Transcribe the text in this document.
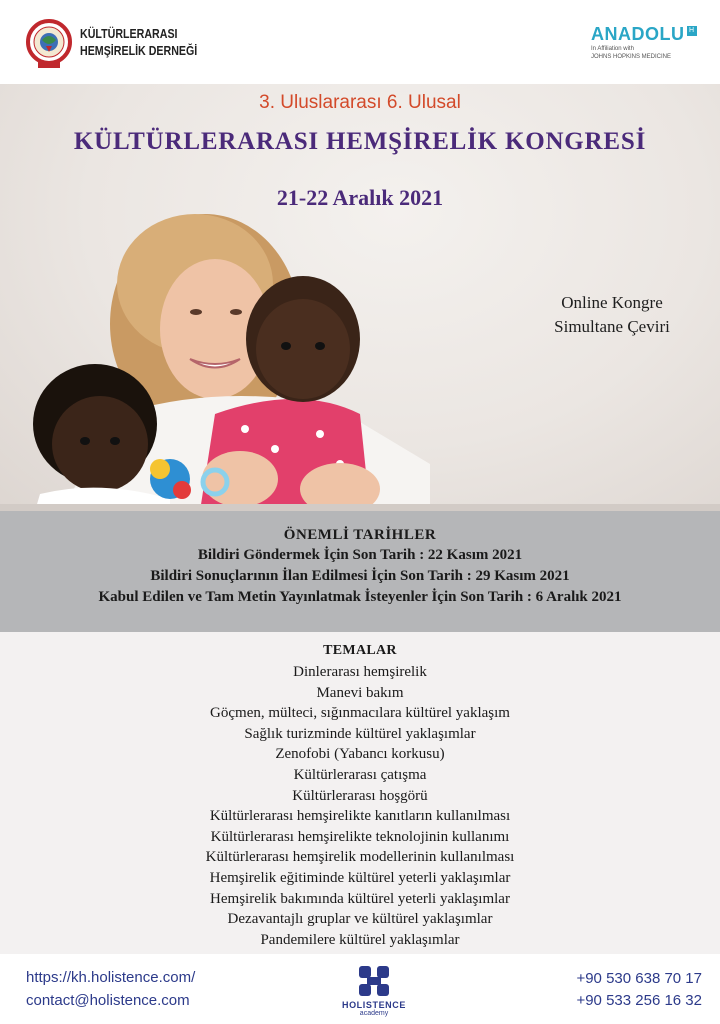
KÜLTÜRLERARASI
HEMŞİRELİK DERNEĞİ
ANADOLU H
In Affiliation with
JOHNS HOPKINS MEDICINE
3. Uluslararası 6. Ulusal
KÜLTÜRLERARASI HEMŞİRELİK KONGRESİ
21-22 Aralık 2021
Online Kongre
Simultane Çeviri
ÖNEMLİ TARİHLER
Bildiri Göndermek İçin Son Tarih : 22 Kasım 2021
Bildiri Sonuçlarının İlan Edilmesi İçin Son Tarih : 29 Kasım 2021
Kabul Edilen ve Tam Metin Yayınlatmak İsteyenler İçin Son Tarih : 6 Aralık 2021
TEMALAR
Dinlerarası hemşirelik
Manevi bakım
Göçmen, mülteci, sığınmacılara kültürel yaklaşım
Sağlık turizminde kültürel yaklaşımlar
Zenofobi (Yabancı korkusu)
Kültürlerarası çatışma
Kültürlerarası hoşgörü
Kültürlerarası hemşirelikte kanıtların kullanılması
Kültürlerarası hemşirelikte teknolojinin kullanımı
Kültürlerarası hemşirelik modellerinin kullanılması
Hemşirelik eğitiminde kültürel yeterli yaklaşımlar
Hemşirelik bakımında kültürel yeterli yaklaşımlar
Dezavantajlı gruplar ve kültürel yaklaşımlar
Pandemilere kültürel yaklaşımlar
https://kh.holistence.com/
contact@holistence.com	HOLISTENCE
academy
+90 530 638 70 17
+90 533 256 16 32
